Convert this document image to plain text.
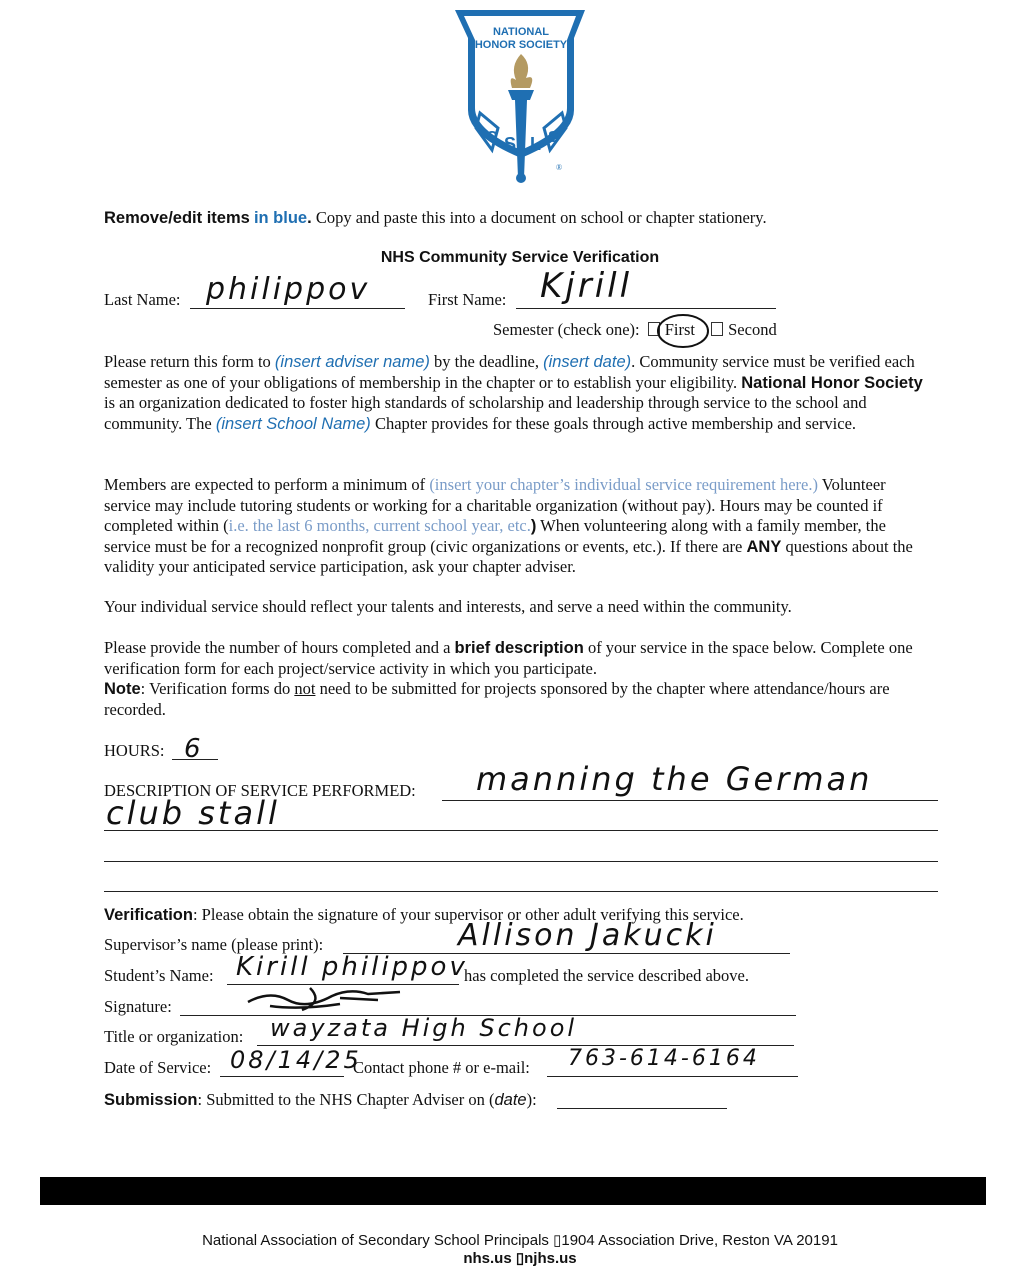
NATIONAL
HONOR SOCIETY
C S L S
®
Remove/edit items in blue. Copy and paste this into a document on school or chapter stationery.
NHS Community Service Verification
Last Name: philippov	First Name: Kjrill
Semester (check one): First Second
Please return this form to (insert adviser name) by the deadline, (insert date). Community service must be verified each semester as one of your obligations of membership in the chapter or to establish your eligibility. National Honor Society is an organization dedicated to foster high standards of scholarship and leadership through service to the school and community. The (insert School Name) Chapter provides for these goals through active membership and service.
Members are expected to perform a minimum of (insert your chapter’s individual service requirement here.) Volunteer service may include tutoring students or working for a charitable organization (without pay). Hours may be counted if completed within (i.e. the last 6 months, current school year, etc.) When volunteering along with a family member, the service must be for a recognized nonprofit group (civic organizations or events, etc.). If there are ANY questions about the validity your anticipated service participation, ask your chapter adviser.
Your individual service should reflect your talents and interests, and serve a need within the community.
Please provide the number of hours completed and a brief description of your service in the space below. Complete one verification form for each project/service activity in which you participate.
Note: Verification forms do not need to be submitted for projects sponsored by the chapter where attendance/hours are recorded.
HOURS: 6
DESCRIPTION OF SERVICE PERFORMED: manning the German
club stall
Verification: Please obtain the signature of your supervisor or other adult verifying this service.
Supervisor’s name (please print):	Allison Jakucki
Student’s Name: Kirill philippov
has completed the service described above.
Signature:
Title or organization: wayzata High School
Date of Service: 08/14/25
Contact phone # or e-mail: 763-614-6164
Submission: Submitted to the NHS Chapter Adviser on (date):
National Association of Secondary School Principals ▯1904 Association Drive, Reston VA 20191
nhs.us ▯njhs.us
